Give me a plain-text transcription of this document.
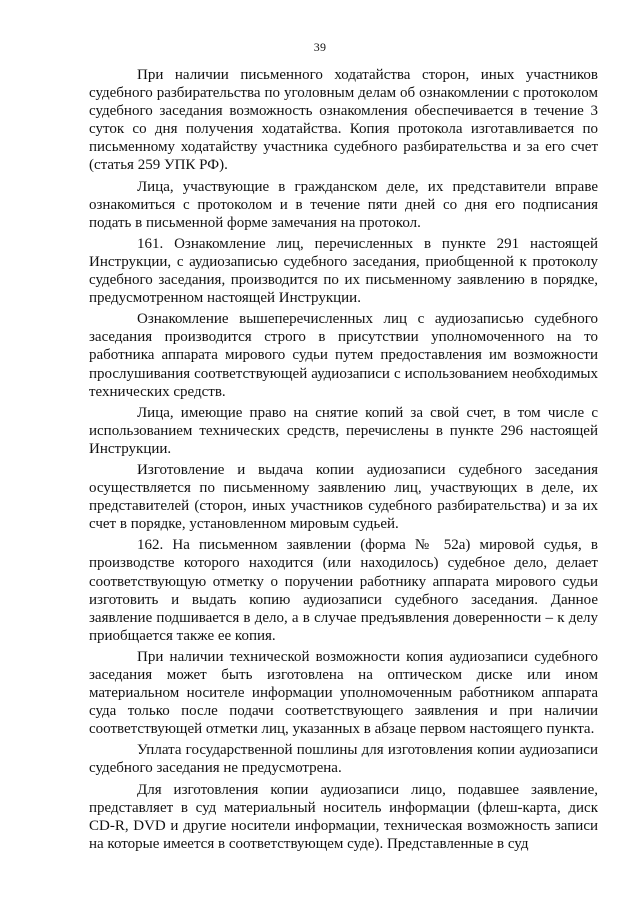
39

При наличии письменного ходатайства сторон, иных участников судебного разбирательства по уголовным делам об ознакомлении с протоколом судебного заседания возможность ознакомления обеспечивается в течение 3 суток со дня получения ходатайства. Копия протокола изготавливается по письменному ходатайству участника судебного разбирательства и за его счет (статья 259 УПК РФ).

Лица, участвующие в гражданском деле, их представители вправе ознакомиться с протоколом и в течение пяти дней со дня его подписания подать в письменной форме замечания на протокол.

161. Ознакомление лиц, перечисленных в пункте 291 настоящей Инструкции, с аудиозаписью судебного заседания, приобщенной к протоколу судебного заседания, производится по их письменному заявлению в порядке, предусмотренном настоящей Инструкции.

Ознакомление вышеперечисленных лиц с аудиозаписью судебного заседания производится строго в присутствии уполномоченного на то работника аппарата мирового судьи путем предоставления им возможности прослушивания соответствующей аудиозаписи с использованием необходимых технических средств.

Лица, имеющие право на снятие копий за свой счет, в том числе с использованием технических средств, перечислены в пункте 296 настоящей Инструкции.

Изготовление и выдача копии аудиозаписи судебного заседания осуществляется по письменному заявлению лиц, участвующих в деле, их представителей (сторон, иных участников судебного разбирательства) и за их счет в порядке, установленном мировым судьей.

162. На письменном заявлении (форма № 52а) мировой судья, в производстве которого находится (или находилось) судебное дело, делает соответствующую отметку о поручении работнику аппарата мирового судьи изготовить и выдать копию аудиозаписи судебного заседания. Данное заявление подшивается в дело, а в случае предъявления доверенности – к делу приобщается также ее копия.

При наличии технической возможности копия аудиозаписи судебного заседания может быть изготовлена на оптическом диске или ином материальном носителе информации уполномоченным работником аппарата суда только после подачи соответствующего заявления и при наличии соответствующей отметки лиц, указанных в абзаце первом настоящего пункта.

Уплата государственной пошлины для изготовления копии аудиозаписи судебного заседания не предусмотрена.

Для изготовления копии аудиозаписи лицо, подавшее заявление, представляет в суд материальный носитель информации (флеш-карта, диск CD-R, DVD и другие носители информации, техническая возможность записи на которые имеется в соответствующем суде). Представленные в суд
